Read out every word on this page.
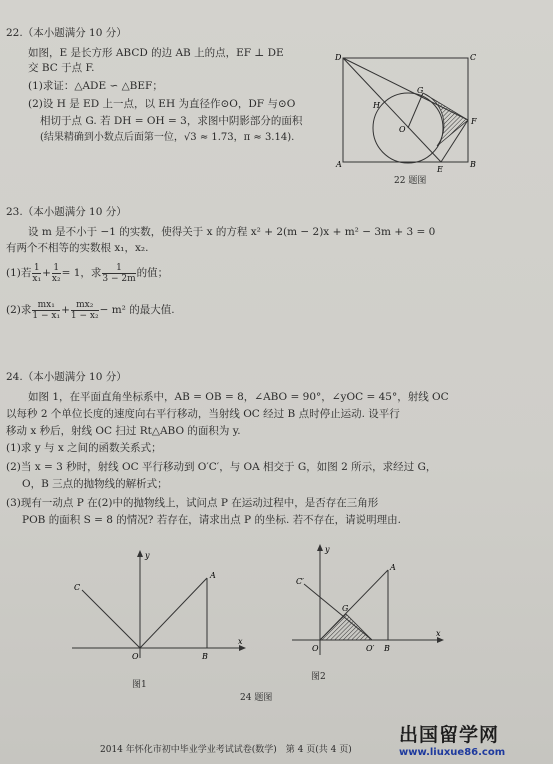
22.（本小题满分 10 分）
如图，E 是长方形 ABCD 的边 AB 上的点，EF ⊥ DE
交 BC 于点 F.
(1)求证：△ADE ∽ △BEF；
(2)设 H 是 ED 上一点，以 EH 为直径作⊙O，DF 与⊙O
相切于点 G. 若 DH = OH = 3，求图中阴影部分的面积
(结果精确到小数点后面第一位，√3 ≈ 1.73，π ≈ 3.14).
D	C
A	B
E
F
H
G
O
22 题图
23.（本小题满分 10 分）
设 m 是不小于 −1 的实数，使得关于 x 的方程 x² + 2(m − 2)x + m² − 3m + 3 = 0
有两个不相等的实数根 x₁，x₂.
(1)若 $\frac{1}{\text{x₁}} + \frac{1}{\text{x₂}} = 1$，求 $\frac{1}{3 - 2m}$ 的值；
(2)求 $\frac{\text{mx₁}}{\text{1 − x₁}} + \frac{\text{mx₂}}{\text{1 − x₂}} - m^2$ 的最大值.
24.（本小题满分 10 分）
如图 1，在平面直角坐标系中，AB = OB = 8，∠ABO = 90°，∠yOC = 45°，射线 OC
以每秒 2 个单位长度的速度向右平行移动，当射线 OC 经过 B 点时停止运动. 设平行
移动 x 秒后，射线 OC 扫过 Rt△ABO 的面积为 y.
(1)求 y 与 x 之间的函数关系式；
(2)当 x = 3 秒时，射线 OC 平行移动到 O′C′，与 OA 相交于 G，如图 2 所示，求经过 G，
O，B 三点的抛物线的解析式；
(3)现有一动点 P 在(2)中的抛物线上，试问点 P 在运动过程中，是否存在三角形
POB 的面积 S = 8 的情况? 若存在，请求出点 P 的坐标. 若不存在，请说明理由.
y
x
C
A
O	B
图1
y
x
C′
A
G
O	O′ B
图2
24 题图
2014 年怀化市初中毕业学业考试试卷(数学)　第 4 页(共 4 页)
出国留学网
www.liuxue86.com
